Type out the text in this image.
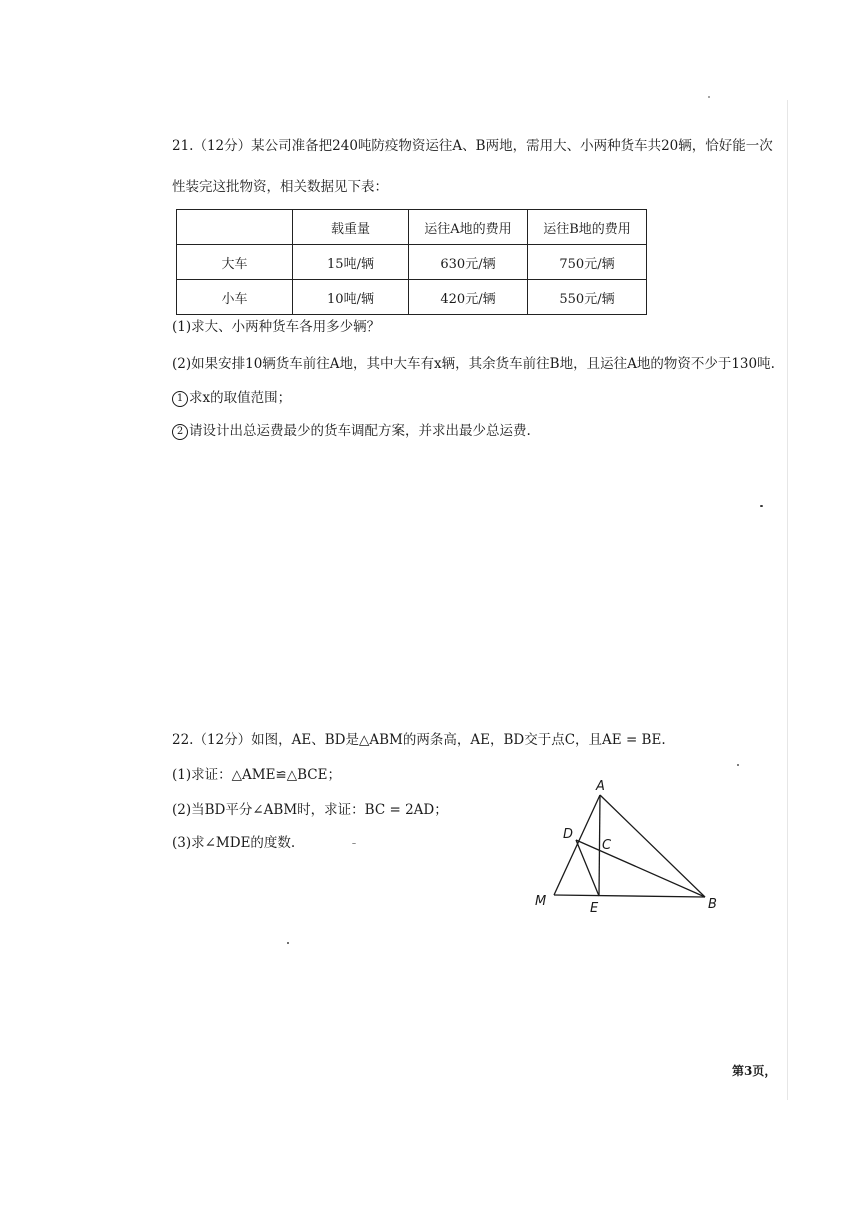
21.（12分）某公司准备把240吨防疫物资运往A、B两地，需用大、小两种货车共20辆，恰好能一次
性装完这批物资，相关数据见下表：
	载重量	运往A地的费用	运往B地的费用
大车	15吨/辆	630元/辆	750元/辆
小车	10吨/辆	420元/辆	550元/辆
(1)求大、小两种货车各用多少辆？
(2)如果安排10辆货车前往A地，其中大车有x辆，其余货车前往B地，且运往A地的物资不少于130吨.
1 求x的取值范围；
2 请设计出总运费最少的货车调配方案，并求出最少总运费.
22.（12分）如图，AE、BD是△ABM的两条高，AE，BD交于点C，且AE = BE.
(1)求证：△AME≌△BCE；
(2)当BD平分∠ABM时，求证：BC = 2AD；
(3)求∠MDE的度数.
A
D
C
M	E	B
第3页，
